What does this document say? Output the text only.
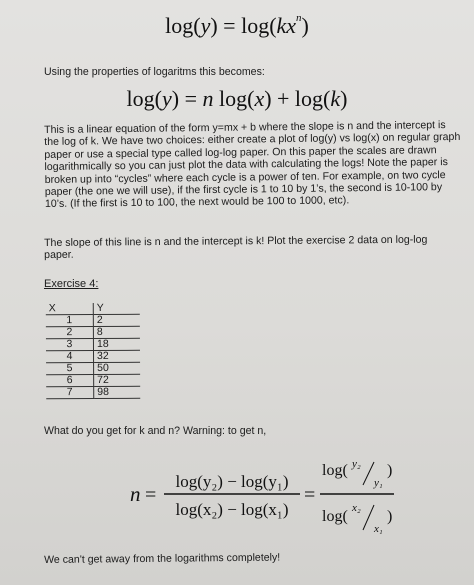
$\log(y) = \log(kx^n)$
Using the properties of logaritms this becomes:
log(y) = n log(x) + log(k)
This is a linear equation of the form y=mx + b where the slope is n and the intercept is the log of k. We have two choices: either create a plot of log(y) vs log(x) on regular graph paper or use a special type called log-log paper. On this paper the scales are drawn logarithmically so you can just plot the data with calculating the logs! Note the paper is broken up into “cycles” where each cycle is a power of ten. For example, on two cycle paper (the one we will use), if the first cycle is 1 to 10 by 1’s, the second is 10-100 by 10’s. (If the first is 10 to 100, the next would be 100 to 1000, etc).
The slope of this line is n and the intercept is k! Plot the exercise 2 data on log-log paper.
Exercise 4:
X	Y
1	2
2	8
3	18
4	32
5	50
6	72
7	98
What do you get for k and n? Warning: to get n,
n =
log(y₂) − log(y₁)
log(x₂) − log(x₁)
=
log( y₂
y₁
)
log( x₂
x₁
)
We can't get away from the logarithms completely!
